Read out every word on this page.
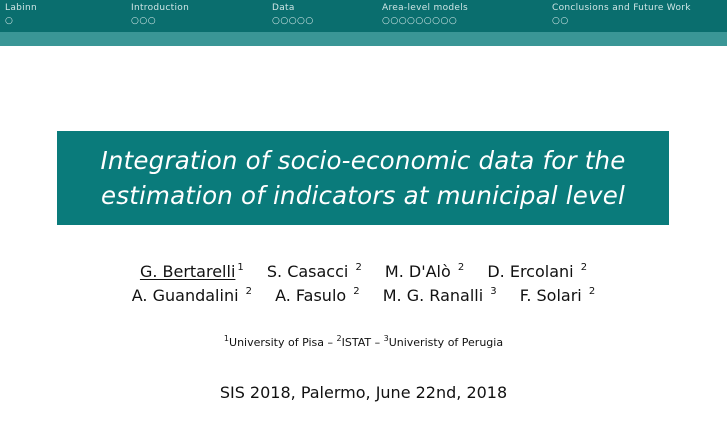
Labinn
○
Introduction
○○○
Data
○○○○○
Area-level models
○○○○○○○○○
Conclusions and Future Work
○○
Integration of socio-economic data for the
estimation of indicators at municipal level
G. Bertarelli $^1$ S. Casacci $^2$ M. D'Alò $^2$ D. Ercolani $^2$
A. Guandalini $^2$ A. Fasulo $^2$ M. G. Ranalli $^3$ F. Solari $^2$
$^1$University of Pisa – $^2$ISTAT – $^3$Univeristy of Perugia
SIS 2018, Palermo, June 22nd, 2018
